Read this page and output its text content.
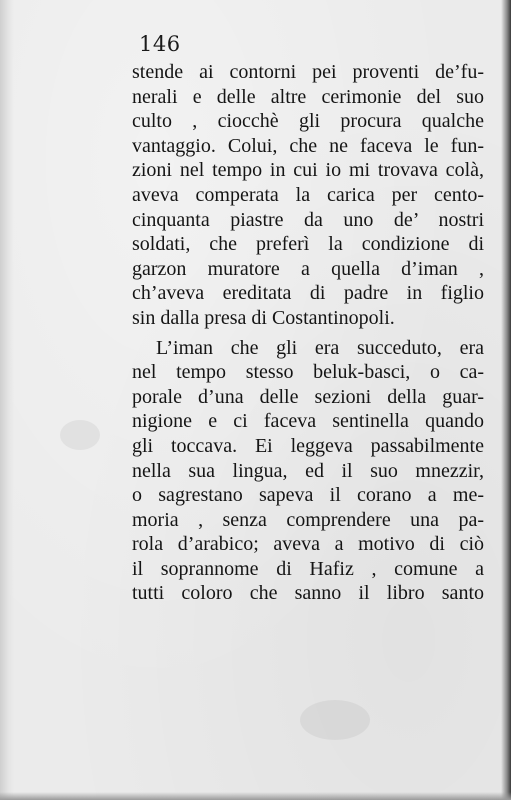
146
stende ai contorni pei proventi de’fu-
nerali e delle altre cerimonie del suo
culto , ciocchè gli procura qualche
vantaggio. Colui, che ne faceva le fun-
zioni nel tempo in cui io mi trovava colà,
aveva comperata la carica per cento-
cinquanta piastre da uno de’ nostri
soldati, che preferì la condizione di
garzon muratore a quella d’iman ,
ch’aveva ereditata di padre in figlio
sin dalla presa di Costantinopoli.
L’iman che gli era succeduto, era
nel tempo stesso beluk-basci, o ca-
porale d’una delle sezioni della guar-
nigione e ci faceva sentinella quando
gli toccava. Ei leggeva passabilmente
nella sua lingua, ed il suo mnezzir,
o sagrestano sapeva il corano a me-
moria , senza comprendere una pa-
rola d’arabico; aveva a motivo di ciò
il soprannome di Hafiz , comune a
tutti coloro che sanno il libro santo
